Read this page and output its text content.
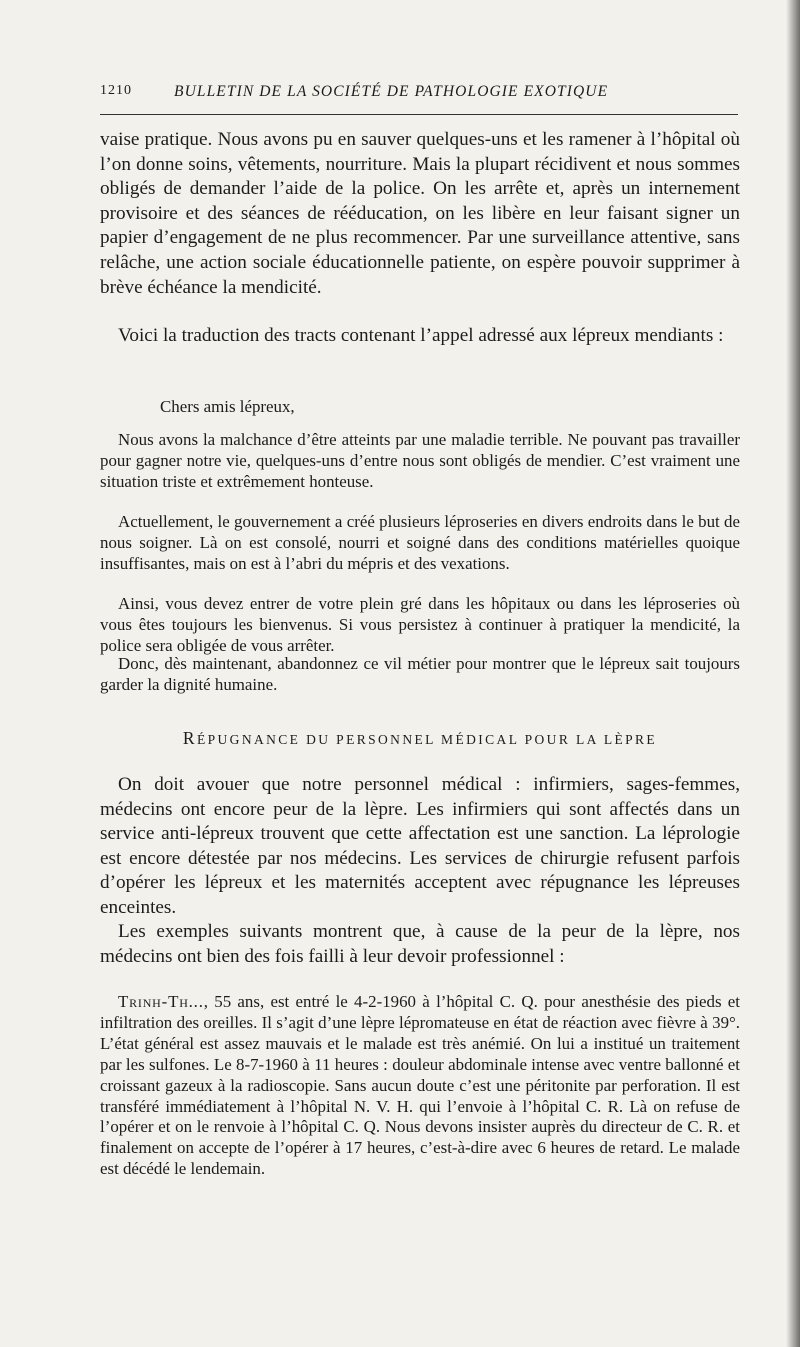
1210	BULLETIN DE LA SOCIÉTÉ DE PATHOLOGIE EXOTIQUE

vaise pratique. Nous avons pu en sauver quelques-uns et les ramener à l’hôpital où l’on donne soins, vêtements, nourriture. Mais la plupart récidivent et nous sommes obligés de demander l’aide de la police. On les arrête et, après un internement provisoire et des séances de rééducation, on les libère en leur faisant signer un papier d’engagement de ne plus recommencer. Par une surveillance attentive, sans relâche, une action sociale éducationnelle patiente, on espère pouvoir supprimer à brève échéance la mendicité.

Voici la traduction des tracts contenant l’appel adressé aux lépreux mendiants :

Chers amis lépreux,

Nous avons la malchance d’être atteints par une maladie terrible. Ne pouvant pas travailler pour gagner notre vie, quelques-uns d’entre nous sont obligés de mendier. C’est vraiment une situation triste et extrêmement honteuse.

Actuellement, le gouvernement a créé plusieurs léproseries en divers endroits dans le but de nous soigner. Là on est consolé, nourri et soigné dans des conditions matérielles quoique insuffisantes, mais on est à l’abri du mépris et des vexations.

Ainsi, vous devez entrer de votre plein gré dans les hôpitaux ou dans les léproseries où vous êtes toujours les bienvenus. Si vous persistez à continuer à pratiquer la mendicité, la police sera obligée de vous arrêter.

Donc, dès maintenant, abandonnez ce vil métier pour montrer que le lépreux sait toujours garder la dignité humaine.

RÉPUGNANCE DU PERSONNEL MÉDICAL POUR LA LÈPRE

On doit avouer que notre personnel médical : infirmiers, sages-femmes, médecins ont encore peur de la lèpre. Les infirmiers qui sont affectés dans un service anti-lépreux trouvent que cette affectation est une sanction. La léprologie est encore détestée par nos médecins. Les services de chirurgie refusent parfois d’opérer les lépreux et les maternités acceptent avec répugnance les lépreuses enceintes.

Les exemples suivants montrent que, à cause de la peur de la lèpre, nos médecins ont bien des fois failli à leur devoir professionnel :

Trinh-Th..., 55 ans, est entré le 4-2-1960 à l’hôpital C. Q. pour anesthésie des pieds et infiltration des oreilles. Il s’agit d’une lèpre lépromateuse en état de réaction avec fièvre à 39°. L’état général est assez mauvais et le malade est très anémié. On lui a institué un traitement par les sulfones. Le 8-7-1960 à 11 heures : douleur abdominale intense avec ventre ballonné et croissant gazeux à la radioscopie. Sans aucun doute c’est une péritonite par perforation. Il est transféré immédiatement à l’hôpital N. V. H. qui l’envoie à l’hôpital C. R. Là on refuse de l’opérer et on le renvoie à l’hôpital C. Q. Nous devons insister auprès du directeur de C. R. et finalement on accepte de l’opérer à 17 heures, c’est-à-dire avec 6 heures de retard. Le malade est décédé le lendemain.
